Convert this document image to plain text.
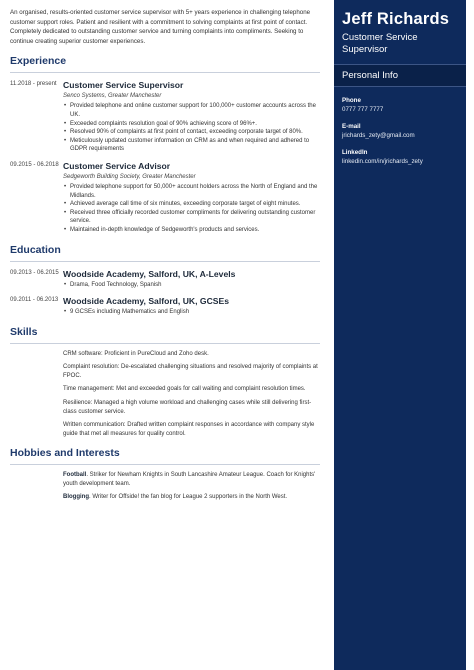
An organised, results-oriented customer service supervisor with 5+ years experience in challenging telephone customer support roles. Patient and resilient with a commitment to solving complaints at first point of contact. Completely dedicated to outstanding customer service and turning complaints into compliments. Seeking to continue creating superior customer experiences.

Experience
11.2018 - present Customer Service Supervisor
Senco Systems, Greater Manchester
• Provided telephone and online customer support for 100,000+ customer accounts across the UK.
• Exceeded complaints resolution goal of 90% achieving score of 96%+.
• Resolved 90% of complaints at first point of contact, exceeding corporate target of 80%.
• Meticulously updated customer information on CRM as and when required and adhered to GDPR requirements
09.2015 - 06.2018 Customer Service Advisor
Sedgeworth Building Society, Greater Manchester
• Provided telephone support for 50,000+ account holders across the North of England and the Midlands.
• Achieved average call time of six minutes, exceeding corporate target of eight minutes.
• Received three officially recorded customer compliments for delivering outstanding customer service.
• Maintained in-depth knowledge of Sedgeworth's products and services.
Education
09.2013 - 06.2015 Woodside Academy, Salford, UK, A-Levels
• Drama, Food Technology, Spanish
09.2011 - 06.2013 Woodside Academy, Salford, UK, GCSEs
• 9 GCSEs including Mathematics and English
Skills
CRM software: Proficient in PureCloud and Zoho desk.
Complaint resolution: De-escalated challenging situations and resolved majority of complaints at FPOC.
Time management: Met and exceeded goals for call waiting and complaint resolution times.
Resilience: Managed a high volume workload and challenging cases while still delivering first-class customer service.
Written communication: Drafted written complaint responses in accordance with company style guide that met all measures for quality control.
Hobbies and Interests
Football. Striker for Newham Knights in South Lancashire Amateur League. Coach for Knights' youth development team.
Blogging. Writer for Offside! the fan blog for League 2 supporters in the North West.
Jeff Richards
Customer Service Supervisor
Personal Info
Phone
0777 777 7777
E-mail
jrichards_zety@gmail.com
LinkedIn
linkedin.com/in/jrichards_zety
